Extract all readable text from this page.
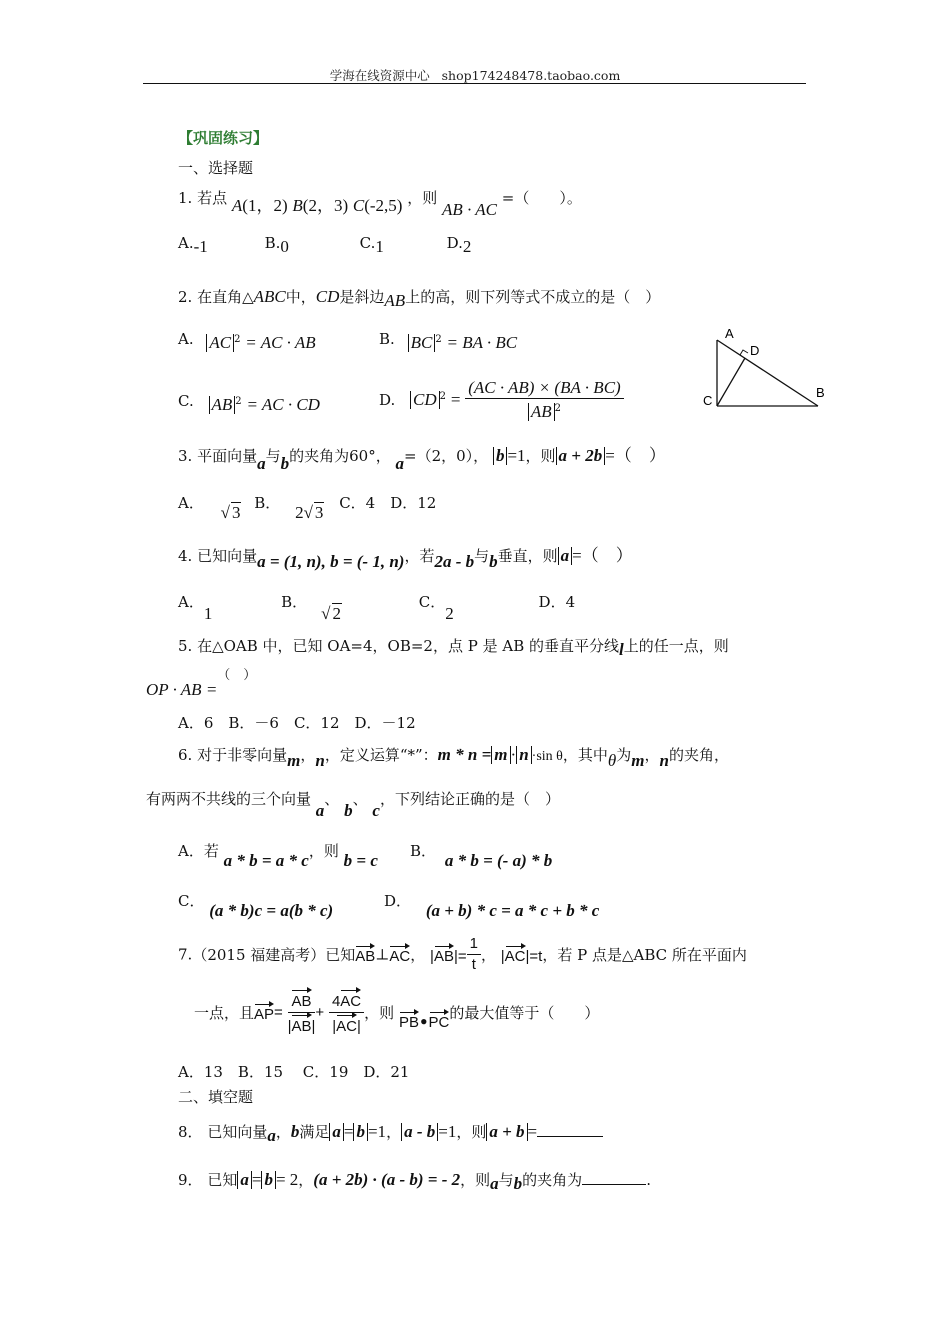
学海在线资源中心 shop174248478.taobao.com
【巩固练习】
一、选择题
1. 若点 A(1，2) B(2，3) C(-2,5) ，则 AB · AC =（　　）。
A.-1	B.0	C.1	D.2
2. 在直角△ABC中，CD是斜边AB上的高，则下列等式不成立的是（　）
A. AC $^2$ = AC · AB	B. BC $^2$ = BA · BC
C. AB $^2$ = AC · CD	D. CD $^2 = \frac{(AC \cdot AB) \times (BA \cdot BC)}{AB ^2}$
A
D
C
B
3. 平面向量a与b的夹角为60°， a=（2，0）， b =1，则 a + 2b =（　）
A． √ 3 B． 2√ 3 C．4　D．12
4. 已知向量a = (1, n), b = (- 1, n)，若2a - b与b垂直，则 a =（　）
A．1 B．√ 2 C．2 D．4
5. 在△OAB 中，已知 OA=4，OB=2，点 P 是 AB 的垂直平分线l上的任一点，则
OP · AB =（　）
A．6　B．－6　C．12　D．－12
6. 对于非零向量m，n，定义运算“*”：m * n = m · n ·sin θ，其中θ为m，n的夹角，
有两两不共线的三个向量 a、 b、 c，下列结论正确的是（　）
A．若 a * b = a * c，则 b = c B． a * b = (- a) * b
C． (a * b)c = a(b * c)	D． (a + b) * c = a * c + b * c
7.（2015 福建高考）已知AB⊥AC， $|AB|= \frac{1}{t}$ ， |AC|=t，若 P 点是△ABC 所在平面内
一点，且$AP= \frac{AB}{|AB|} + \frac{4AC}{|AC|}$ ，则 PB•PC的最大值等于（　　）
A．13　B．15　 C．19　D．21
二、填空题
8． 已知向量a，b满足 a = b =1， a - b =1，则 a + b =
9． 已知 a = b = 2，(a + 2b) · (a - b) = - 2，则a与b的夹角为	.
